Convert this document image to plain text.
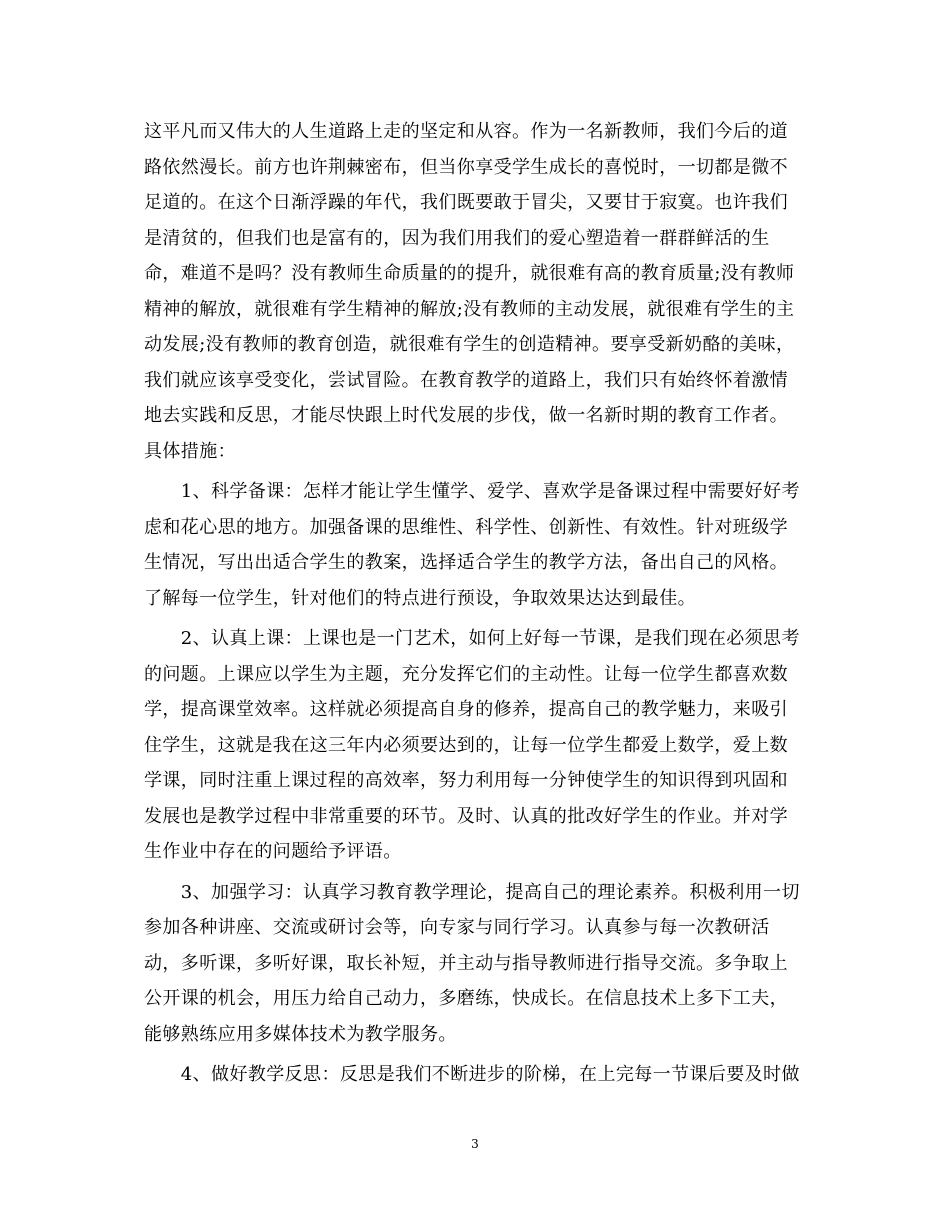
这平凡而又伟大的人生道路上走的坚定和从容。作为一名新教师，我们今后的道
路依然漫长。前方也许荆棘密布，但当你享受学生成长的喜悦时，一切都是微不
足道的。在这个日渐浮躁的年代，我们既要敢于冒尖，又要甘于寂寞。也许我们
是清贫的，但我们也是富有的，因为我们用我们的爱心塑造着一群群鲜活的生
命，难道不是吗？没有教师生命质量的的提升，就很难有高的教育质量;没有教师
精神的解放，就很难有学生精神的解放;没有教师的主动发展，就很难有学生的主
动发展;没有教师的教育创造，就很难有学生的创造精神。要享受新奶酪的美味，
我们就应该享受变化，尝试冒险。在教育教学的道路上，我们只有始终怀着激情
地去实践和反思，才能尽快跟上时代发展的步伐，做一名新时期的教育工作者。
具体措施：
　　1、科学备课：怎样才能让学生懂学、爱学、喜欢学是备课过程中需要好好考
虑和花心思的地方。加强备课的思维性、科学性、创新性、有效性。针对班级学
生情况，写出出适合学生的教案，选择适合学生的教学方法，备出自己的风格。
了解每一位学生，针对他们的特点进行预设，争取效果达达到最佳。
　　2、认真上课：上课也是一门艺术，如何上好每一节课，是我们现在必须思考
的问题。上课应以学生为主题，充分发挥它们的主动性。让每一位学生都喜欢数
学，提高课堂效率。这样就必须提高自身的修养，提高自己的教学魅力，来吸引
住学生，这就是我在这三年内必须要达到的，让每一位学生都爱上数学，爱上数
学课，同时注重上课过程的高效率，努力利用每一分钟使学生的知识得到巩固和
发展也是教学过程中非常重要的环节。及时、认真的批改好学生的作业。并对学
生作业中存在的问题给予评语。
　　3、加强学习：认真学习教育教学理论，提高自己的理论素养。积极利用一切
参加各种讲座、交流或研讨会等，向专家与同行学习。认真参与每一次教研活
动，多听课，多听好课，取长补短，并主动与指导教师进行指导交流。多争取上
公开课的机会，用压力给自己动力，多磨练，快成长。在信息技术上多下工夫，
能够熟练应用多媒体技术为教学服务。
　　4、做好教学反思：反思是我们不断进步的阶梯，在上完每一节课后要及时做
3
